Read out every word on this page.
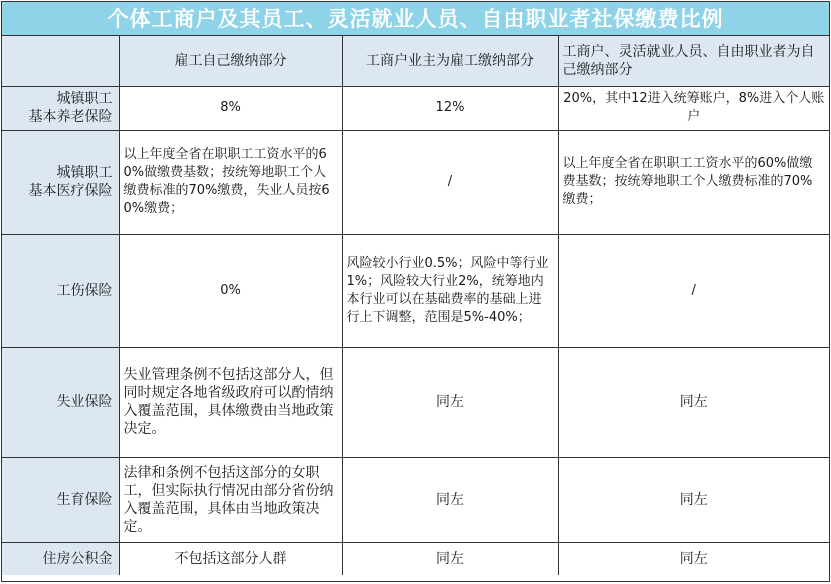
个体工商户及其员工、灵活就业人员、自由职业者社保缴费比例
	雇工自己缴纳部分	工商户业主为雇工缴纳部分	工商户、灵活就业人员、自由职业者为自己缴纳部分

城镇职工
基本养老保险	8%	12%	20%，其中12进入统筹账户，8%进入个人账户

城镇职工
基本医疗保险	以上年度全省在职职工工资水平的60%做缴费基数；按统筹地职工个人缴费标准的70%缴费，失业人员按60%缴费；	/	以上年度全省在职职工工资水平的60%做缴费基数；按统筹地职工个人缴费标准的70%缴费；
工伤保险	0%	风险较小行业0.5%；风险中等行业1%；风险较大行业2%，统筹地内本行业可以在基础费率的基础上进行上下调整，范围是5%-40%；	/
失业保险	失业管理条例不包括这部分人，但同时规定各地省级政府可以酌情纳入覆盖范围，具体缴费由当地政策决定。	同左	同左
生育保险	法律和条例不包括这部分的女职工，但实际执行情况由部分省份纳入覆盖范围，具体由当地政策决定。	同左	同左
住房公积金	不包括这部分人群	同左	同左
